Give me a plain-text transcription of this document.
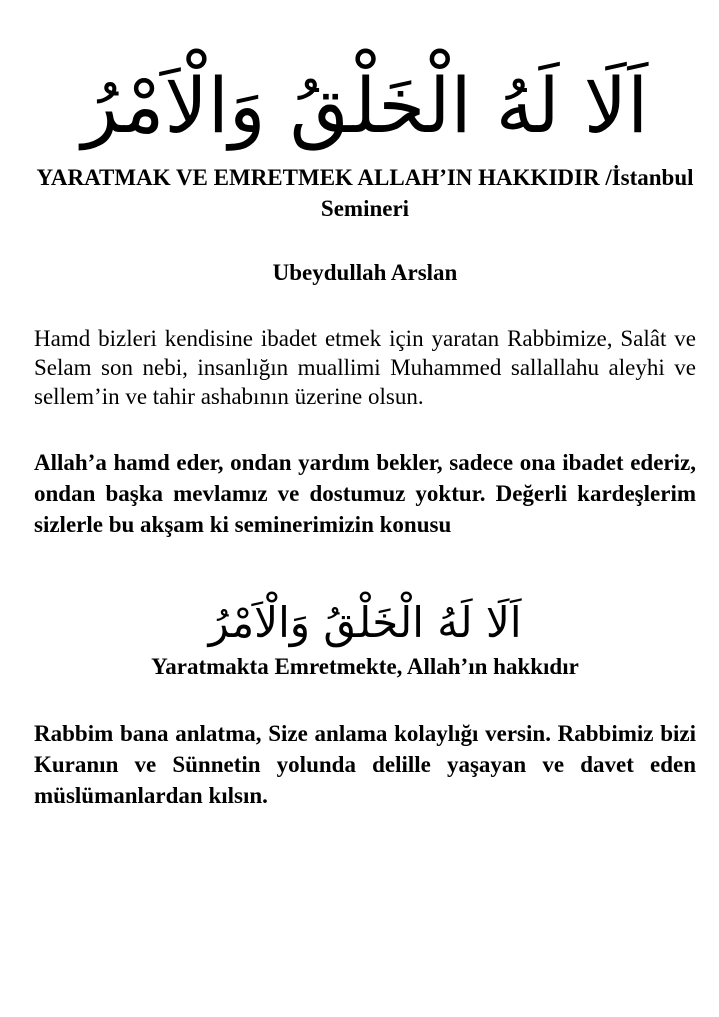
اَلَا لَهُ الْخَلْقُ وَالْاَمْرُ
YARATMAK VE EMRETMEK ALLAH’IN HAKKIDIR /İstanbul Semineri
Ubeydullah Arslan
Hamd bizleri kendisine ibadet etmek için yaratan Rabbimize, Salât ve Selam son nebi, insanlığın muallimi Muhammed sallallahu aleyhi ve sellem’in ve tahir ashabının üzerine olsun.
Allah’a hamd eder, ondan yardım bekler, sadece ona ibadet ederiz, ondan başka mevlamız ve dostumuz yoktur. Değerli kardeşlerim sizlerle bu akşam ki seminerimizin konusu
اَلَا لَهُ الْخَلْقُ وَالْاَمْرُ
Yaratmakta Emretmekte, Allah’ın hakkıdır
Rabbim bana anlatma, Size anlama kolaylığı versin. Rabbimiz bizi Kuranın ve Sünnetin yolunda delille yaşayan ve davet eden müslümanlardan kılsın.
